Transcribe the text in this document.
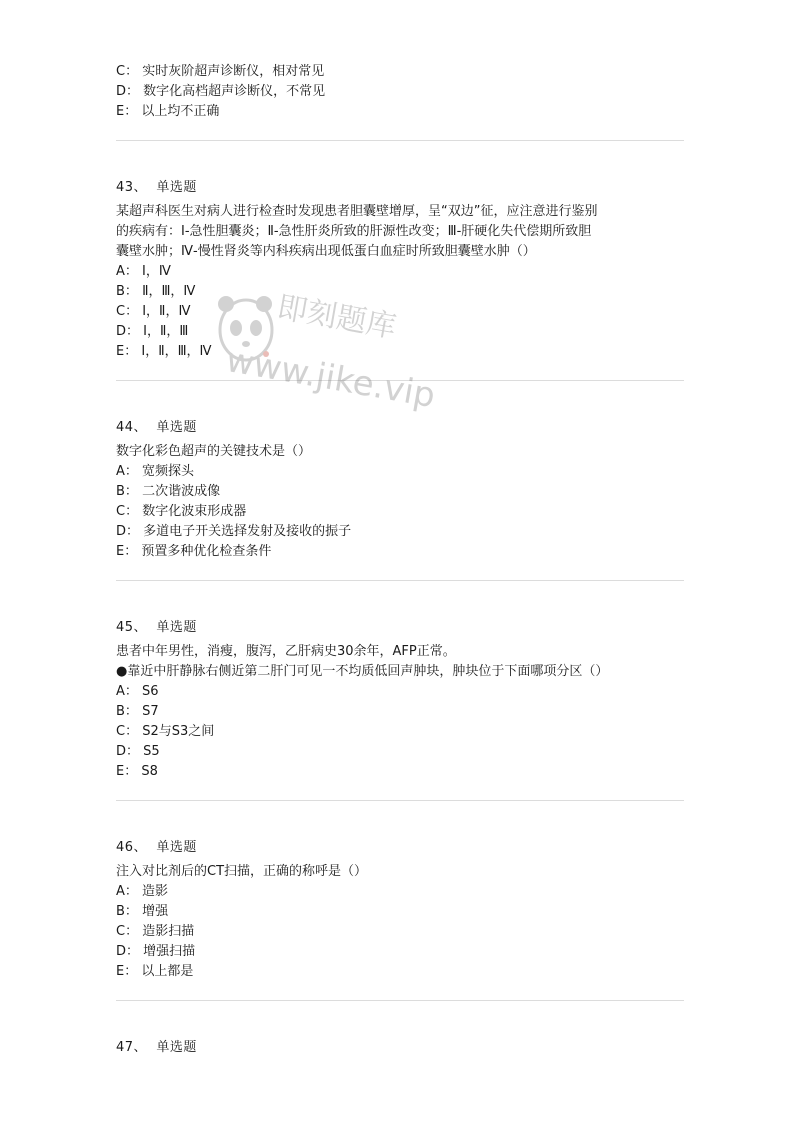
C： 实时灰阶超声诊断仪，相对常见
D： 数字化高档超声诊断仪，不常见
E： 以上均不正确
43、 单选题
某超声科医生对病人进行检查时发现患者胆囊壁增厚，呈“双边”征，应注意进行鉴别
的疾病有：Ⅰ-急性胆囊炎；Ⅱ-急性肝炎所致的肝源性改变；Ⅲ-肝硬化失代偿期所致胆
囊壁水肿；Ⅳ-慢性肾炎等内科疾病出现低蛋白血症时所致胆囊壁水肿（）
A： Ⅰ，Ⅳ
B： Ⅱ，Ⅲ，Ⅳ
C： Ⅰ，Ⅱ，Ⅳ
D： Ⅰ，Ⅱ，Ⅲ
E： Ⅰ，Ⅱ，Ⅲ，Ⅳ
44、 单选题
数字化彩色超声的关键技术是（）
A： 宽频探头
B： 二次谐波成像
C： 数字化波束形成器
D： 多道电子开关选择发射及接收的振子
E： 预置多种优化检查条件
45、 单选题
患者中年男性，消瘦，腹泻，乙肝病史30余年，AFP正常。
●靠近中肝静脉右侧近第二肝门可见一不均质低回声肿块，肿块位于下面哪项分区（）
A： S6
B： S7
C： S2与S3之间
D： S5
E： S8
46、 单选题
注入对比剂后的CT扫描，正确的称呼是（）
A： 造影
B： 增强
C： 造影扫描
D： 增强扫描
E： 以上都是
47、 单选题
即刻题库
www.jike.vip
